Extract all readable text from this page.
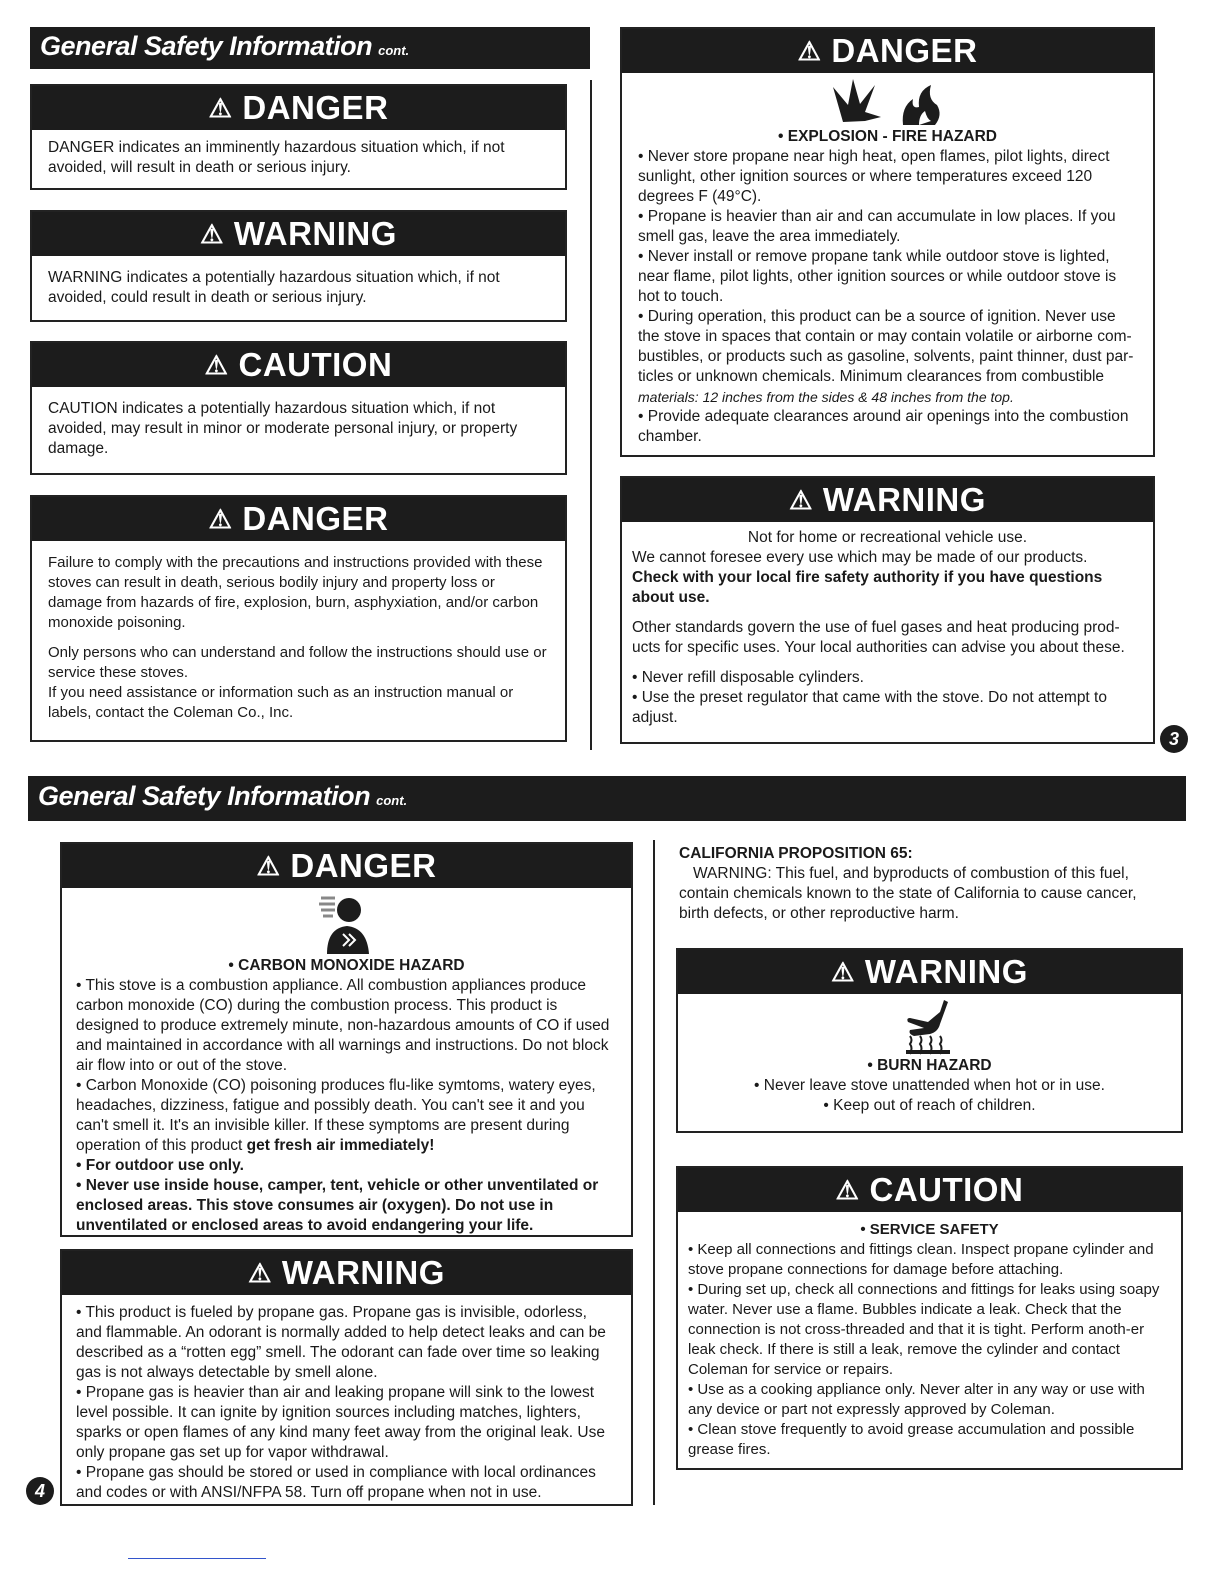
General Safety Information cont.
⚠ DANGER

DANGER indicates an imminently hazardous situation which, if not avoided, will result in death or serious injury.

⚠ WARNING

WARNING indicates a potentially hazardous situation which, if not avoided, could result in death or serious injury.

⚠ CAUTION

CAUTION indicates a potentially hazardous situation which, if not avoided, may result in minor or moderate personal injury, or property damage.

⚠ DANGER

Failure to comply with the precautions and instructions provided with these stoves can result in death, serious bodily injury and property loss or damage from hazards of fire, explosion, burn, asphyxiation, and/or carbon monoxide poisoning.

Only persons who can understand and follow the instructions should use or service these stoves.

If you need assistance or information such as an instruction manual or labels, contact the Coleman Co., Inc.

⚠ DANGER

• EXPLOSION - FIRE HAZARD

• Never store propane near high heat, open flames, pilot lights, direct sunlight, other ignition sources or where temperatures exceed 120 degrees F (49°C).

• Propane is heavier than air and can accumulate in low places. If you smell gas, leave the area immediately.

• Never install or remove propane tank while outdoor stove is lighted, near flame, pilot lights, other ignition sources or while outdoor stove is hot to touch.

• During operation, this product can be a source of ignition. Never use the stove in spaces that contain or may contain volatile or airborne com-bustibles, or products such as gasoline, solvents, paint thinner, dust par-ticles or unknown chemicals. Minimum clearances from combustible

materials: 12 inches from the sides & 48 inches from the top.

• Provide adequate clearances around air openings into the combustion chamber.

⚠ WARNING

Not for home or recreational vehicle use.

We cannot foresee every use which may be made of our products.

Check with your local fire safety authority if you have questions about use.

Other standards govern the use of fuel gases and heat producing prod-ucts for specific uses. Your local authorities can advise you about these.

• Never refill disposable cylinders.

• Use the preset regulator that came with the stove. Do not attempt to adjust.

3
General Safety Information cont.
⚠ DANGER

• CARBON MONOXIDE HAZARD

• This stove is a combustion appliance. All combustion appliances produce carbon monoxide (CO) during the combustion process. This product is designed to produce extremely minute, non-hazardous amounts of CO if used and maintained in accordance with all warnings and instructions. Do not block air flow into or out of the stove.

• Carbon Monoxide (CO) poisoning produces flu-like symtoms, watery eyes, headaches, dizziness, fatigue and possibly death. You can't see it and you can't smell it. It's an invisible killer. If these symptoms are present during operation of this product get fresh air immediately!

• For outdoor use only.

• Never use inside house, camper, tent, vehicle or other unventilated or enclosed areas. This stove consumes air (oxygen). Do not use in unventilated or enclosed areas to avoid endangering your life.

⚠ WARNING

• This product is fueled by propane gas. Propane gas is invisible, odorless, and flammable. An odorant is normally added to help detect leaks and can be described as a “rotten egg” smell. The odorant can fade over time so leaking gas is not always detectable by smell alone.

• Propane gas is heavier than air and leaking propane will sink to the lowest level possible. It can ignite by ignition sources including matches, lighters, sparks or open flames of any kind many feet away from the original leak. Use only propane gas set up for vapor withdrawal.

• Propane gas should be stored or used in compliance with local ordinances and codes or with ANSI/NFPA 58. Turn off propane when not in use.

4

CALIFORNIA PROPOSITION 65:

WARNING: This fuel, and byproducts of combustion of this fuel, contain chemicals known to the state of California to cause cancer, birth defects, or other reproductive harm.

⚠ WARNING

• BURN HAZARD

• Never leave stove unattended when hot or in use.

• Keep out of reach of children.

⚠ CAUTION

• SERVICE SAFETY

• Keep all connections and fittings clean. Inspect propane cylinder and stove propane connections for damage before attaching.

• During set up, check all connections and fittings for leaks using soapy water. Never use a flame. Bubbles indicate a leak. Check that the connection is not cross-threaded and that it is tight. Perform anoth-er leak check. If there is still a leak, remove the cylinder and contact Coleman for service or repairs.

• Use as a cooking appliance only. Never alter in any way or use with any device or part not expressly approved by Coleman.

• Clean stove frequently to avoid grease accumulation and possible grease fires.
